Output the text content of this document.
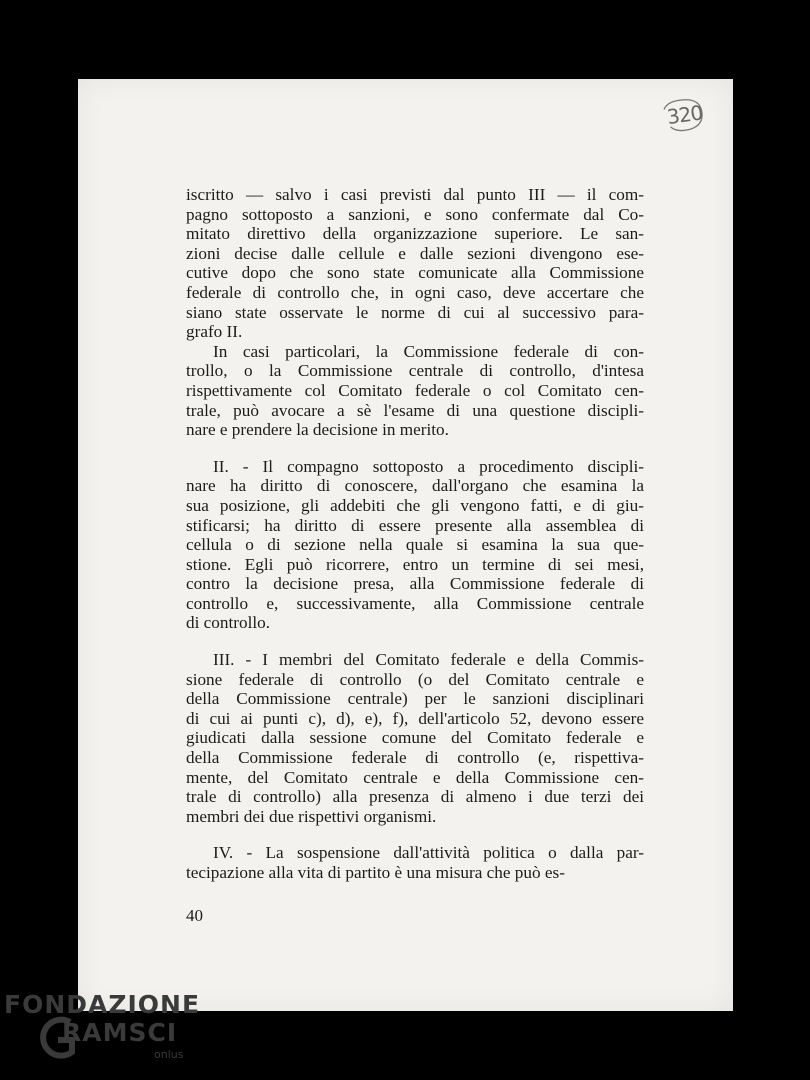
320

iscritto — salvo i casi previsti dal punto III — il com-
pagno sottoposto a sanzioni, e sono confermate dal Co-
mitato direttivo della organizzazione superiore. Le san-
zioni decise dalle cellule e dalle sezioni divengono ese-
cutive dopo che sono state comunicate alla Commissione
federale di controllo che, in ogni caso, deve accertare che
siano state osservate le norme di cui al successivo para-
grafo II.

In casi particolari, la Commissione federale di con-
trollo, o la Commissione centrale di controllo, d'intesa
rispettivamente col Comitato federale o col Comitato cen-
trale, può avocare a sè l'esame di una questione discipli-
nare e prendere la decisione in merito.

II. - Il compagno sottoposto a procedimento discipli-
nare ha diritto di conoscere, dall'organo che esamina la
sua posizione, gli addebiti che gli vengono fatti, e di giu-
stificarsi; ha diritto di essere presente alla assemblea di
cellula o di sezione nella quale si esamina la sua que-
stione. Egli può ricorrere, entro un termine di sei mesi,
contro la decisione presa, alla Commissione federale di
controllo e, successivamente, alla Commissione centrale
di controllo.

III. - I membri del Comitato federale e della Commis-
sione federale di controllo (o del Comitato centrale e
della Commissione centrale) per le sanzioni disciplinari
di cui ai punti c), d), e), f), dell'articolo 52, devono essere
giudicati dalla sessione comune del Comitato federale e
della Commissione federale di controllo (e, rispettiva-
mente, del Comitato centrale e della Commissione cen-
trale di controllo) alla presenza di almeno i due terzi dei
membri dei due rispettivi organismi.

IV. - La sospensione dall'attività politica o dalla par-
tecipazione alla vita di partito è una misura che può es-

40
FONDAZIONE
RAMSCI
onlus
